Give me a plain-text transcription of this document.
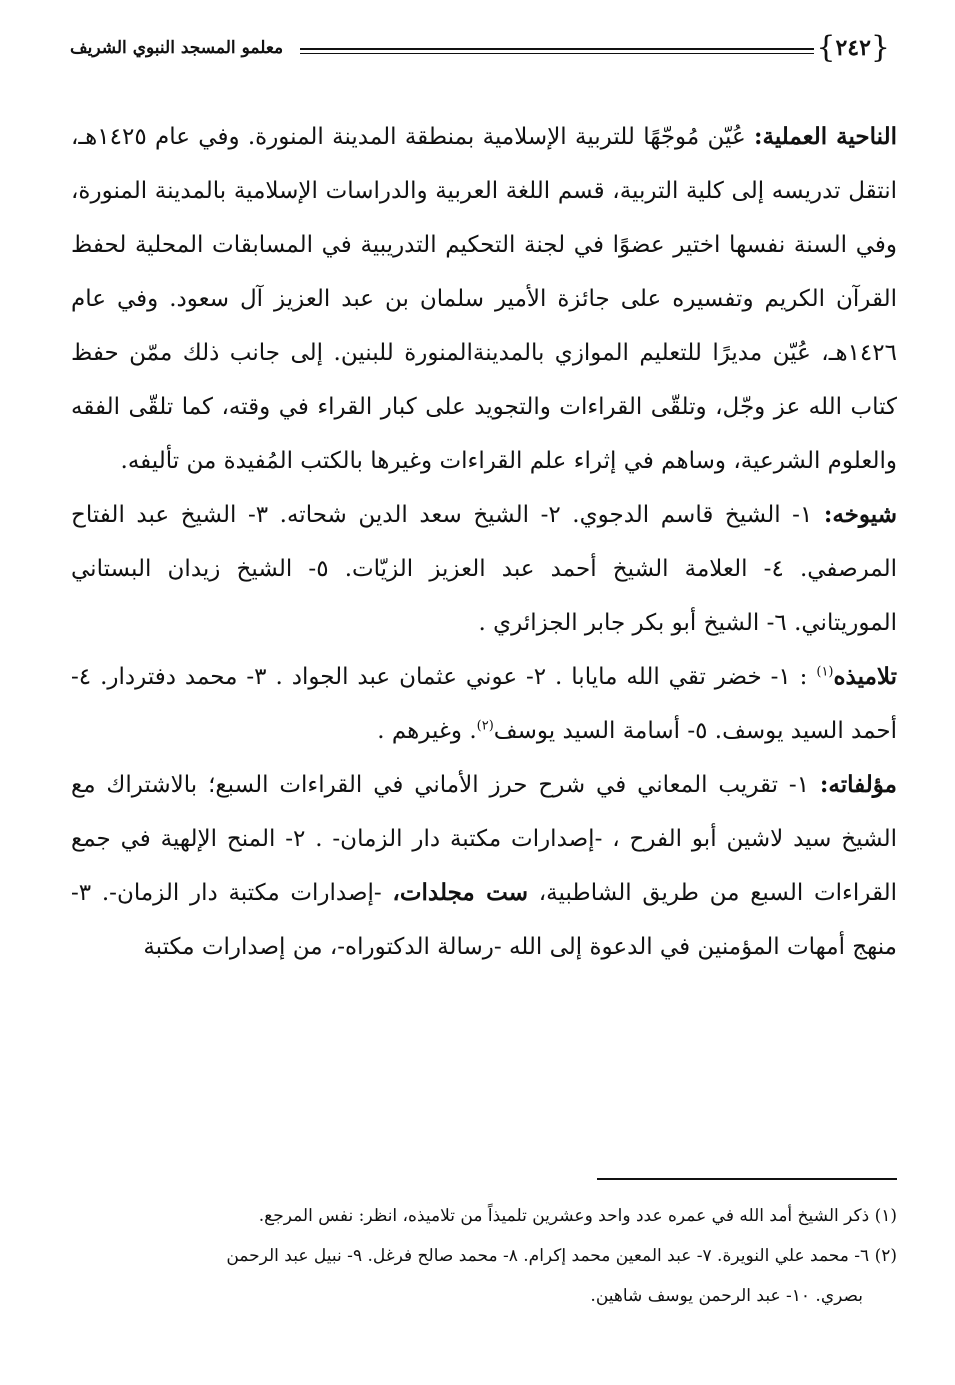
{
٢٤٢
}
معلمو المسجد النبوي الشريف

الناحية العملية: عُيّن مُوجّهًا للتربية الإسلامية بمنطقة المدينة المنورة. وفي عام ١٤٢٥هـ، انتقل تدريسه إلى كلية التربية، قسم اللغة العربية والدراسات الإسلامية بالمدينة المنورة، وفي السنة نفسها اختير عضوًا في لجنة التحكيم التدريبية في المسابقات المحلية لحفظ القرآن الكريم وتفسيره على جائزة الأمير سلمان بن عبد العزيز آل سعود. وفي عام ١٤٢٦هـ، عُيّن مديرًا للتعليم الموازي بالمدينةالمنورة للبنين. إلى جانب ذلك ممّن حفظ كتاب الله عز وجّل، وتلقّى القراءات والتجويد على كبار القراء في وقته، كما تلقّى الفقه والعلوم الشرعية، وساهم في إثراء علم القراءات وغيرها بالكتب المُفيدة من تأليفه.

شيوخه: ١- الشيخ قاسم الدجوي. ٢- الشيخ سعد الدين شحاته. ٣- الشيخ عبد الفتاح المرصفي. ٤- العلامة الشيخ أحمد عبد العزيز الزيّات. ٥- الشيخ زيدان البستاني الموريتاني. ٦- الشيخ أبو بكر جابر الجزائري .

تلاميذه$^{(١)}$ : ١- خضر تقي الله مايابا . ٢- عوني عثمان عبد الجواد . ٣- محمد دفتردار. ٤- أحمد السيد يوسف. ٥- أسامة السيد يوسف$^{(٢)}$. وغيرهم .

مؤلفاته: ١- تقريب المعاني في شرح حرز الأماني في القراءات السبع؛ بالاشتراك مع الشيخ سيد لاشين أبو الفرح ، -إصدارات مكتبة دار الزمان- . ٢- المنح الإلهية في جمع القراءات السبع من طريق الشاطبية، ست مجلدات، -إصدارات مكتبة دار الزمان-. ٣- منهج أمهات المؤمنين في الدعوة إلى الله -رسالة الدكتوراه-، من إصدارات مكتبة

(١) ذكر الشيخ أمد الله في عمره عدد واحد وعشرين تلميذاً من تلاميذه، انظر: نفس المرجع.

(٢) ٦- محمد علي النويرة. ٧- عبد المعين محمد إكرام. ٨- محمد صالح فرغل. ٩- نبيل عبد الرحمن

بصري. ١٠- عبد الرحمن يوسف شاهين.
